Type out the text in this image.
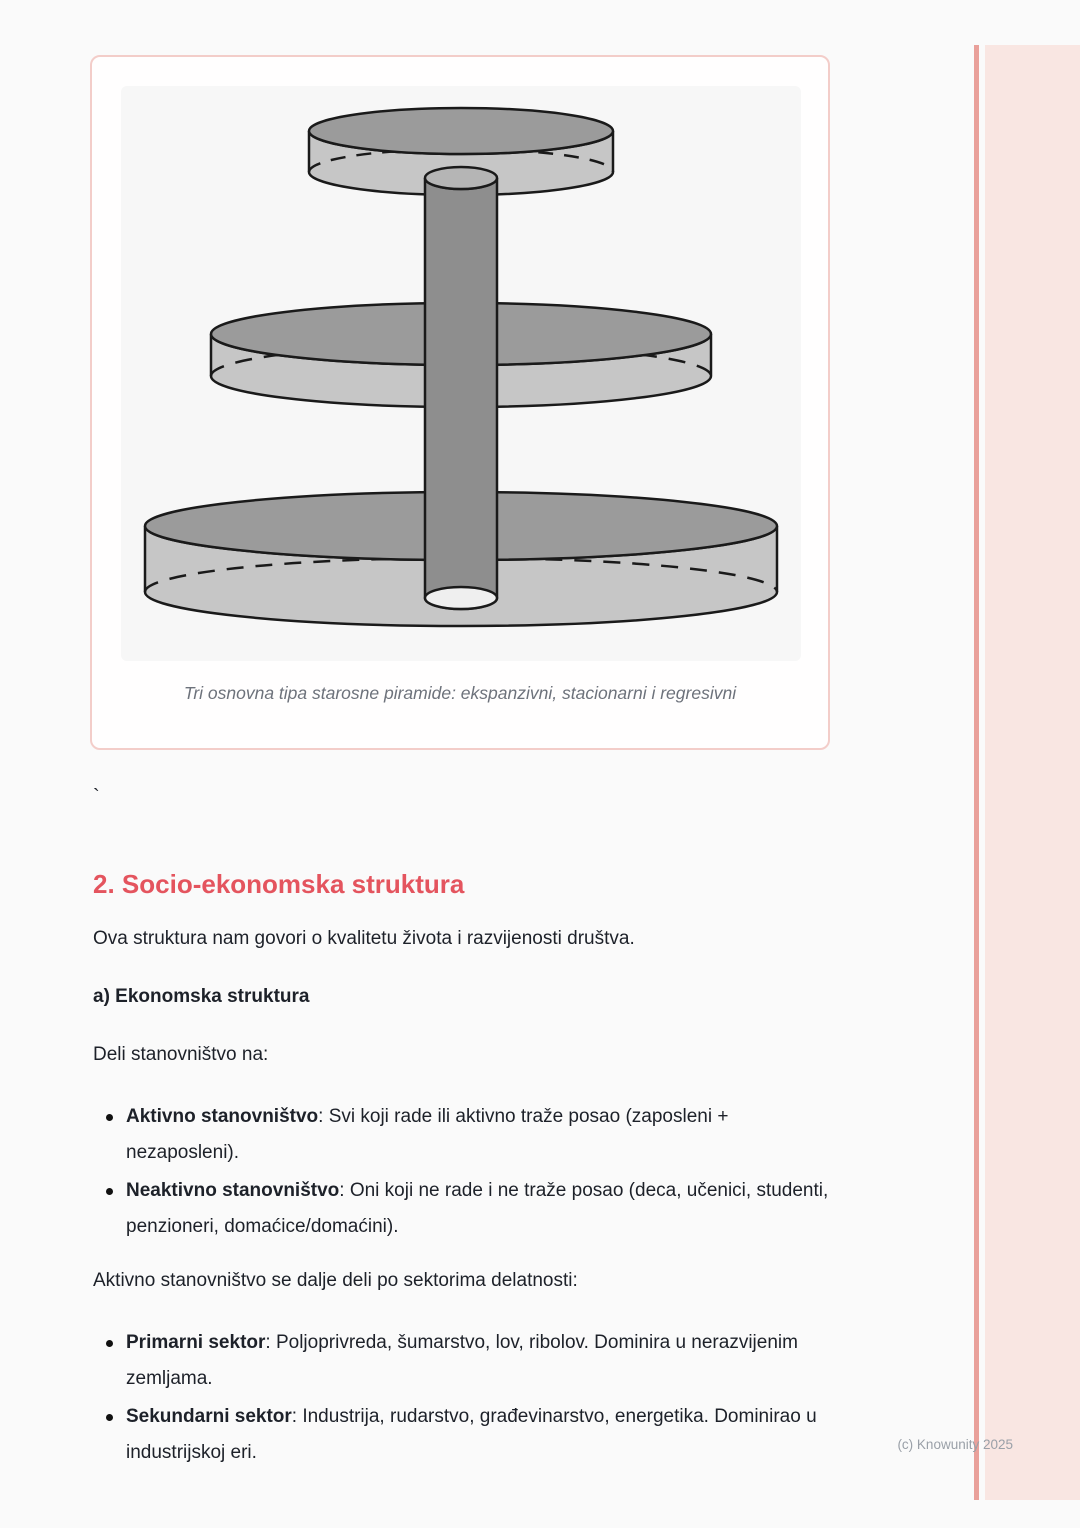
Tri osnovna tipa starosne piramide: ekspanzivni, stacionarni i regresivni
`
2. Socio-ekonomska struktura

Ova struktura nam govori o kvalitetu života i razvijenosti društva.

a) Ekonomska struktura

Deli stanovništvo na:

Aktivno stanovništvo: Svi koji rade ili aktivno traže posao (zaposleni + nezaposleni).
Neaktivno stanovništvo: Oni koji ne rade i ne traže posao (deca, učenici, studenti, penzioneri, domaćice/domaćini).

Aktivno stanovništvo se dalje deli po sektorima delatnosti:

Primarni sektor: Poljoprivreda, šumarstvo, lov, ribolov. Dominira u nerazvijenim zemljama.
Sekundarni sektor: Industrija, rudarstvo, građevinarstvo, energetika. Dominirao u industrijskoj eri.	(c) Knowunity 2025
